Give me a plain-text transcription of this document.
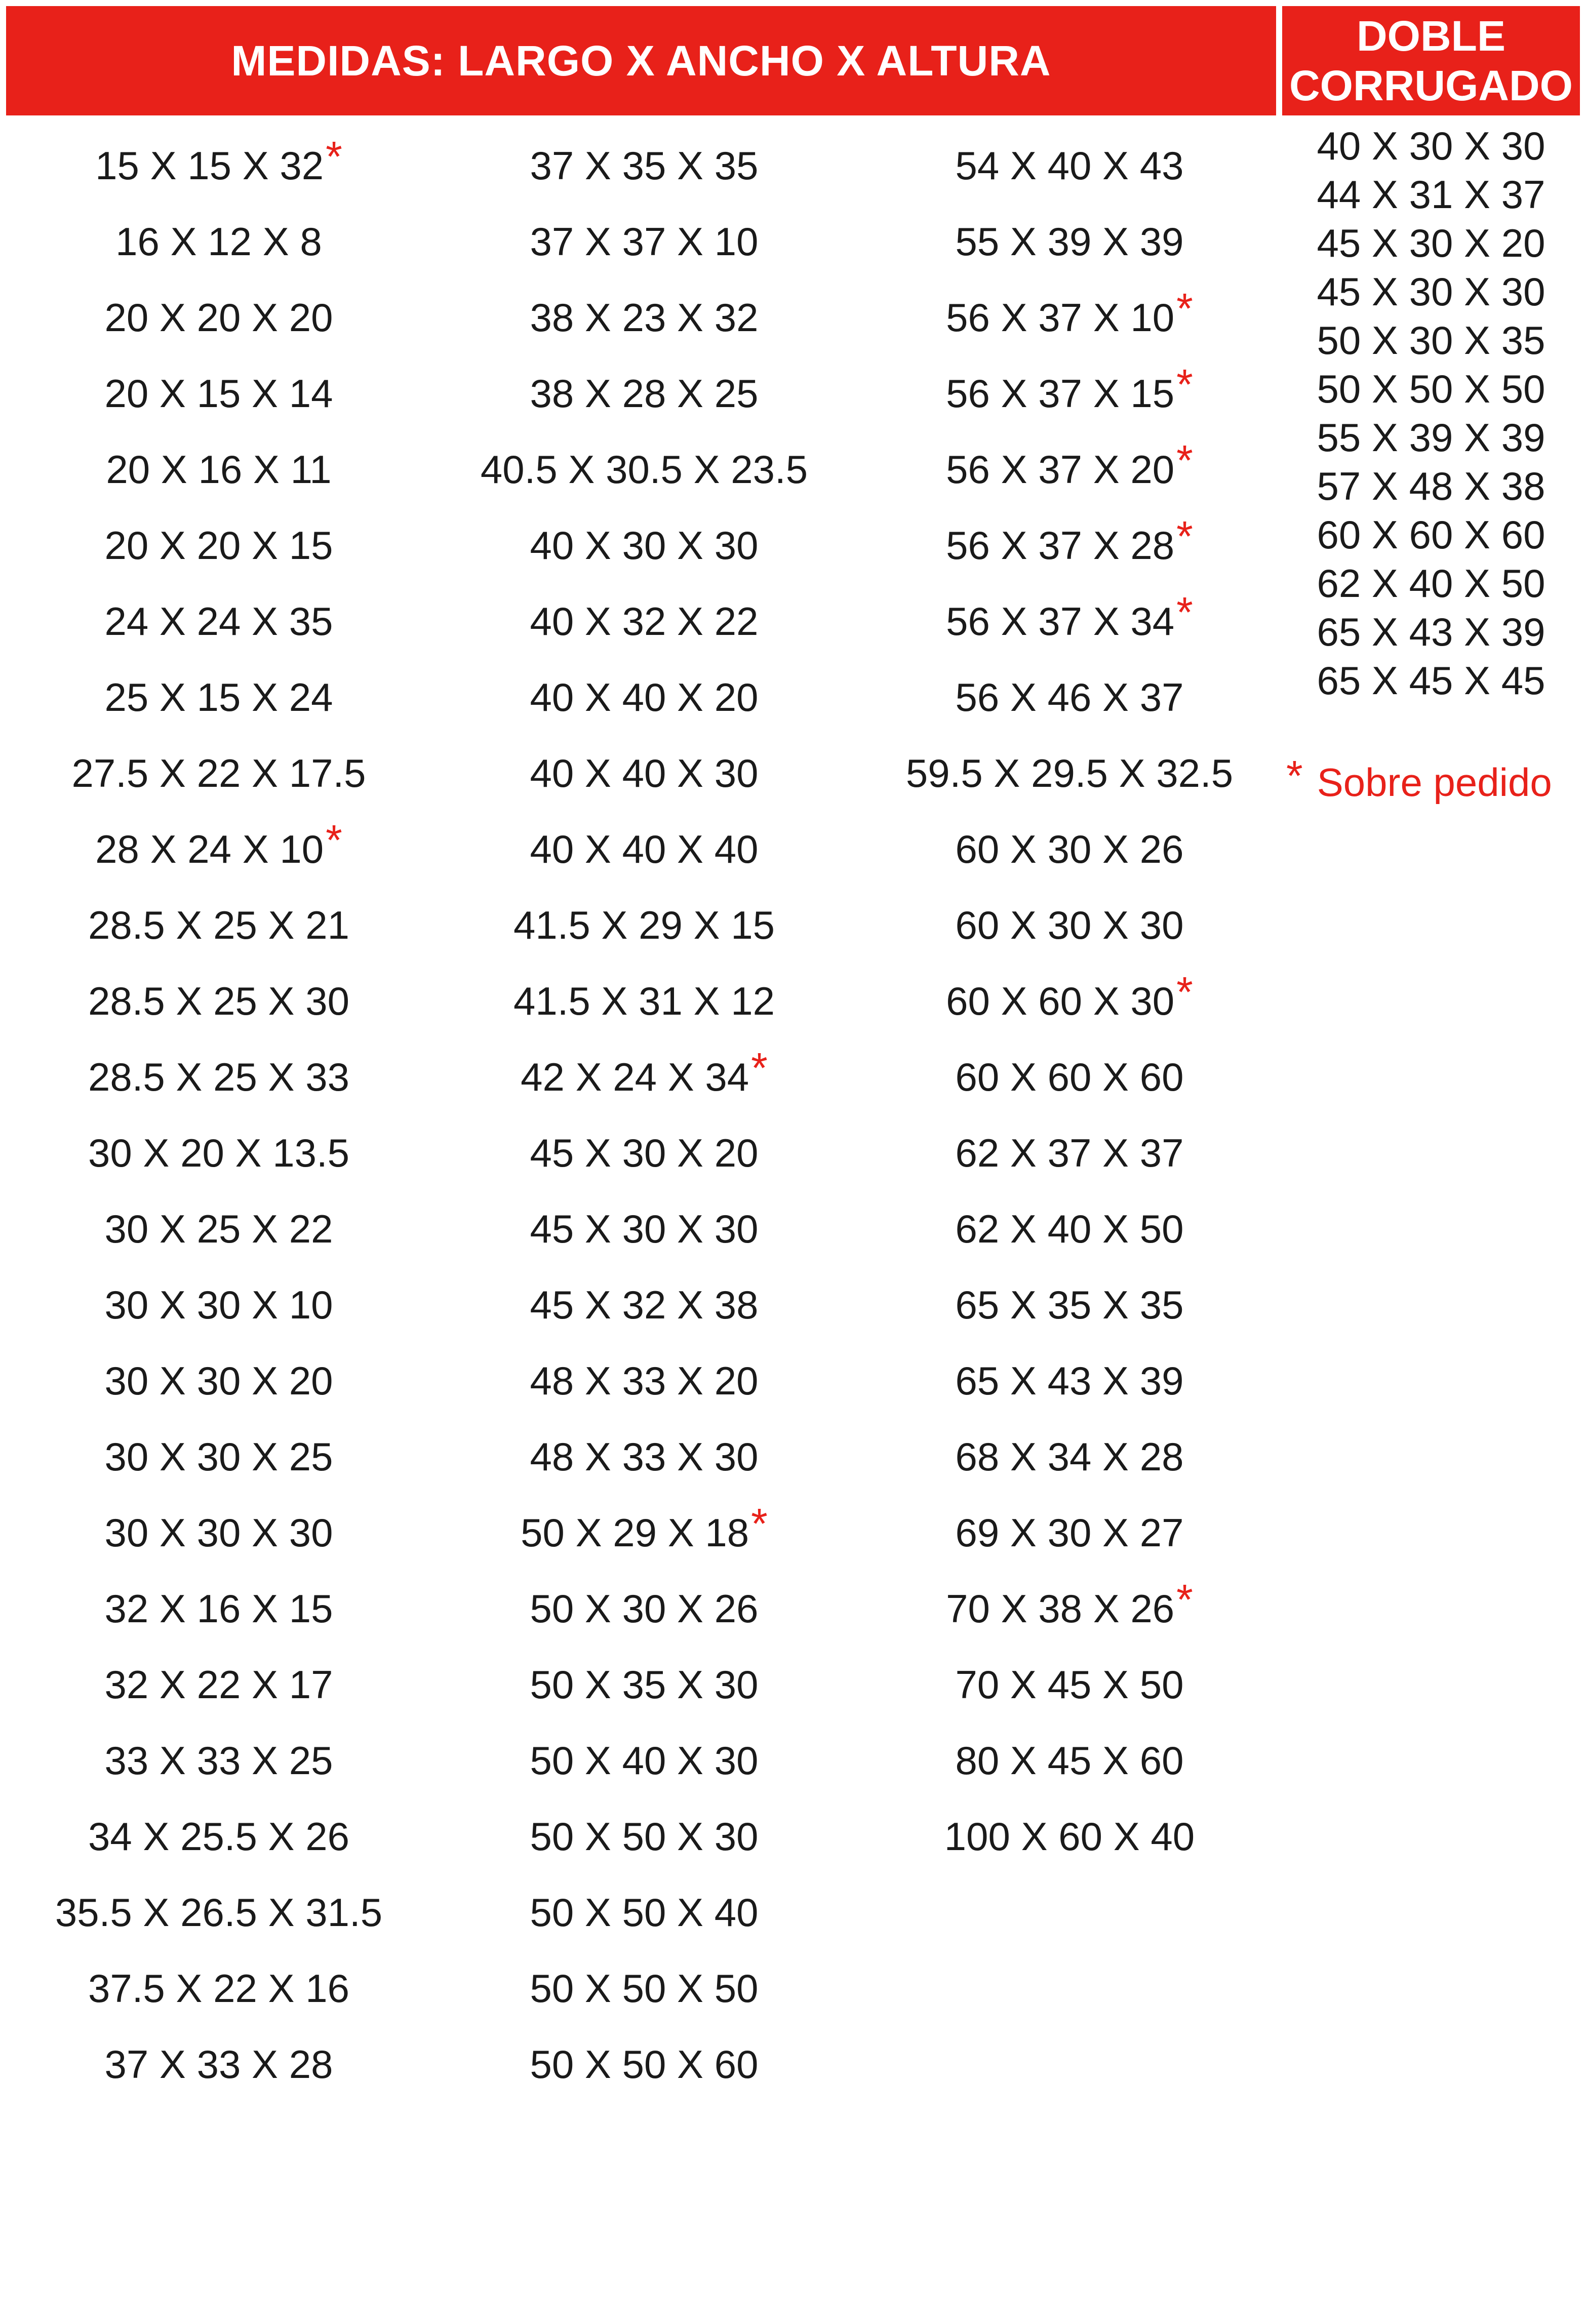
MEDIDAS: LARGO X ANCHO X ALTURA
DOBLE
CORRUGADO
15 X 15 X 32*
16 X 12 X 8
20 X 20 X 20
20 X 15 X 14
20 X 16 X 11
20 X 20 X 15
24 X 24 X 35
25 X 15 X 24
27.5 X 22 X 17.5
28 X 24 X 10*
28.5 X 25 X 21
28.5 X 25 X 30
28.5 X 25 X 33
30 X 20 X 13.5
30 X 25 X 22
30 X 30 X 10
30 X 30 X 20
30 X 30 X 25
30 X 30 X 30
32 X 16 X 15
32 X 22 X 17
33 X 33 X 25
34 X 25.5 X 26
35.5 X 26.5 X 31.5
37.5 X 22 X 16
37 X 33 X 28
37 X 35 X 35
37 X 37 X 10
38 X 23 X 32
38 X 28 X 25
40.5 X 30.5 X 23.5
40 X 30 X 30
40 X 32 X 22
40 X 40 X 20
40 X 40 X 30
40 X 40 X 40
41.5 X 29 X 15
41.5 X 31 X 12
42 X 24 X 34*
45 X 30 X 20
45 X 30 X 30
45 X 32 X 38
48 X 33 X 20
48 X 33 X 30
50 X 29 X 18*
50 X 30 X 26
50 X 35 X 30
50 X 40 X 30
50 X 50 X 30
50 X 50 X 40
50 X 50 X 50
50 X 50 X 60
54 X 40 X 43
55 X 39 X 39
56 X 37 X 10*
56 X 37 X 15*
56 X 37 X 20*
56 X 37 X 28*
56 X 37 X 34*
56 X 46 X 37
59.5 X 29.5 X 32.5
60 X 30 X 26
60 X 30 X 30
60 X 60 X 30*
60 X 60 X 60
62 X 37 X 37
62 X 40 X 50
65 X 35 X 35
65 X 43 X 39
68 X 34 X 28
69 X 30 X 27
70 X 38 X 26*
70 X 45 X 50
80 X 45 X 60
100 X 60 X 40
40 X 30 X 30
44 X 31 X 37
45 X 30 X 20
45 X 30 X 30
50 X 30 X 35
50 X 50 X 50
55 X 39 X 39
57 X 48 X 38
60 X 60 X 60
62 X 40 X 50
65 X 43 X 39
65 X 45 X 45
* Sobre pedido
